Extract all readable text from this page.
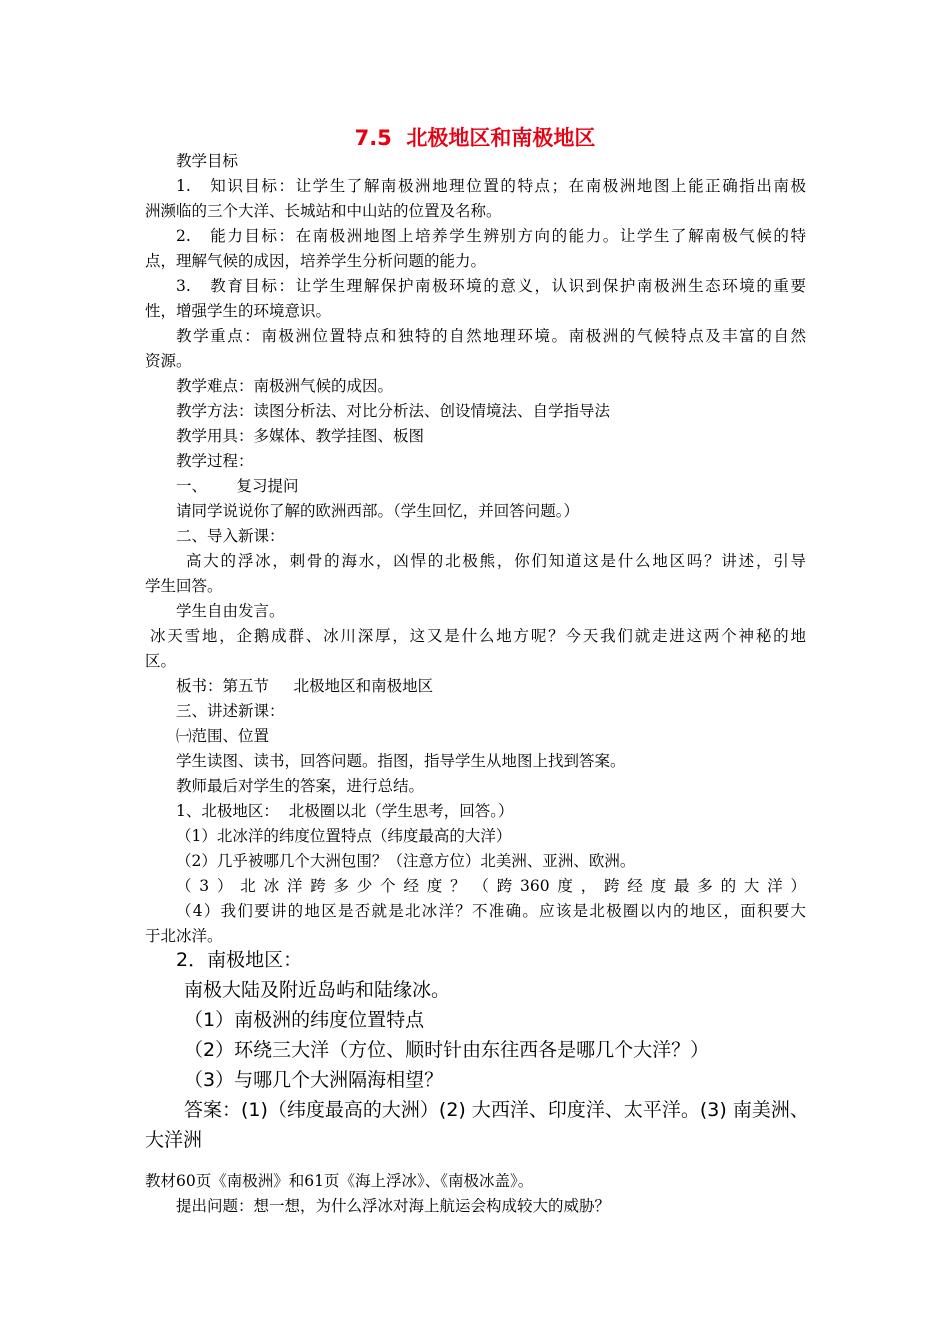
7.5  北极地区和南极地区
教学目标
1.   知识目标：让学生了解南极洲地理位置的特点；在南极洲地图上能正确指出南极
洲濒临的三个大洋、长城站和中山站的位置及名称。
2.   能力目标：在南极洲地图上培养学生辨别方向的能力。让学生了解南极气候的特
点，理解气候的成因，培养学生分析问题的能力。
3.   教育目标：让学生理解保护南极环境的意义，认识到保护南极洲生态环境的重要
性，增强学生的环境意识。
教学重点：南极洲位置特点和独特的自然地理环境。南极洲的气候特点及丰富的自然
资源。
教学难点：南极洲气候的成因。
教学方法：读图分析法、对比分析法、创设情境法、自学指导法
教学用具：多媒体、教学挂图、板图
教学过程：
一、      复习提问
请同学说说你了解的欧洲西部。（学生回忆，并回答问题。）
二、导入新课：
高大的浮冰，刺骨的海水，凶悍的北极熊，你们知道这是什么地区吗？讲述，引导
学生回答。
学生自由发言。
冰天雪地，企鹅成群、冰川深厚，这又是什么地方呢？今天我们就走进这两个神秘的地
区。
板书：第五节     北极地区和南极地区
三、讲述新课：
㈠范围、位置
学生读图、读书，回答问题。指图，指导学生从地图上找到答案。
教师最后对学生的答案，进行总结。
1、北极地区：  北极圈以北（学生思考，回答。）
（1）北冰洋的纬度位置特点（纬度最高的大洋）
（2）几乎被哪几个大洲包围？（注意方位）北美洲、亚洲、欧洲。
（3）北冰洋跨多少个经度？（跨360度，跨经度最多的大洋）
（4）我们要讲的地区是否就是北冰洋？不准确。应该是北极圈以内的地区，面积要大
于北冰洋。
2．南极地区：
南极大陆及附近岛屿和陆缘冰。
（1）南极洲的纬度位置特点
（2）环绕三大洋（方位、顺时针由东往西各是哪几个大洋？）
（3）与哪几个大洲隔海相望？
答案：(1)（纬度最高的大洲）(2) 大西洋、印度洋、太平洋。(3) 南美洲、
大洋洲
教材60页《南极洲》和61页《海上浮冰》、《南极冰盖》。
提出问题：想一想，为什么浮冰对海上航运会构成较大的威胁？
